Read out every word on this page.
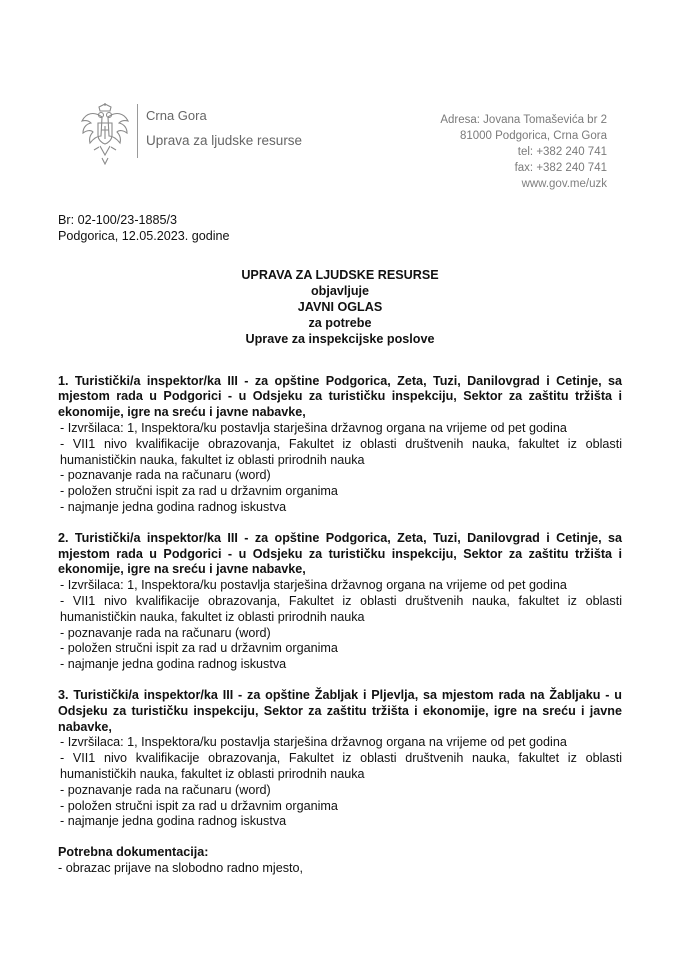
Crna Gora
Uprava za ljudske resurse
Adresa: Jovana Tomaševića br 2
81000 Podgorica, Crna Gora
tel: +382 240 741
fax: +382 240 741
www.gov.me/uzk
Br: 02-100/23-1885/3
Podgorica, 12.05.2023. godine
UPRAVA ZA LJUDSKE RESURSE
objavljuje
JAVNI OGLAS
za potrebe
Uprave za inspekcijske poslove
1. Turistički/a inspektor/ka III - za opštine Podgorica, Zeta, Tuzi, Danilovgrad i Cetinje, sa mjestom rada u Podgorici - u Odsjeku za turističku inspekciju, Sektor za zaštitu tržišta i ekonomije, igre na sreću i javne nabavke,
- Izvršilaca: 1, Inspektora/ku postavlja starješina državnog organa na vrijeme od pet godina
- VII1 nivo kvalifikacije obrazovanja, Fakultet iz oblasti društvenih nauka, fakultet iz oblasti humanističkin nauka, fakultet iz oblasti prirodnih nauka
- poznavanje rada na računaru (word)
- položen stručni ispit za rad u državnim organima
- najmanje jedna godina radnog iskustva
2. Turistički/a inspektor/ka III - za opštine Podgorica, Zeta, Tuzi, Danilovgrad i Cetinje, sa mjestom rada u Podgorici - u Odsjeku za turističku inspekciju, Sektor za zaštitu tržišta i ekonomije, igre na sreću i javne nabavke,
- Izvršilaca: 1, Inspektora/ku postavlja starješina državnog organa na vrijeme od pet godina
- VII1 nivo kvalifikacije obrazovanja, Fakultet iz oblasti društvenih nauka, fakultet iz oblasti humanističkin nauka, fakultet iz oblasti prirodnih nauka
- poznavanje rada na računaru (word)
- položen stručni ispit za rad u državnim organima
- najmanje jedna godina radnog iskustva
3. Turistički/a inspektor/ka III - za opštine Žabljak i Pljevlja, sa mjestom rada na Žabljaku - u Odsjeku za turističku inspekciju, Sektor za zaštitu tržišta i ekonomije, igre na sreću i javne nabavke,
- Izvršilaca: 1, Inspektora/ku postavlja starješina državnog organa na vrijeme od pet godina
- VII1 nivo kvalifikacije obrazovanja, Fakultet iz oblasti društvenih nauka, fakultet iz oblasti humanističkih nauka, fakultet iz oblasti prirodnih nauka
- poznavanje rada na računaru (word)
- položen stručni ispit za rad u državnim organima
- najmanje jedna godina radnog iskustva
Potrebna dokumentacija:
- obrazac prijave na slobodno radno mjesto,
